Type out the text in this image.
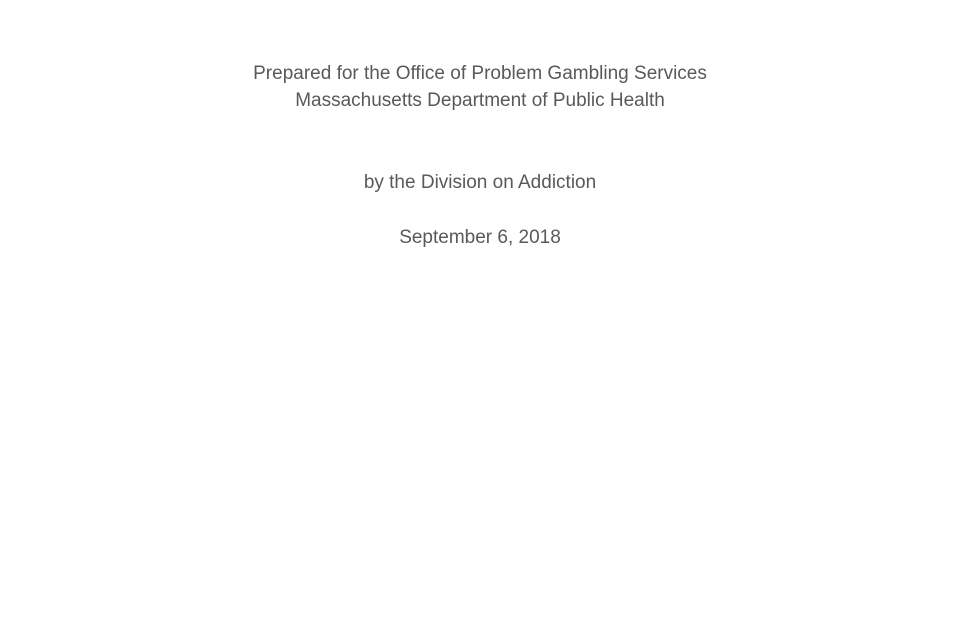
Prepared for the Office of Problem Gambling Services
Massachusetts Department of Public Health
by the Division on Addiction
September 6, 2018
